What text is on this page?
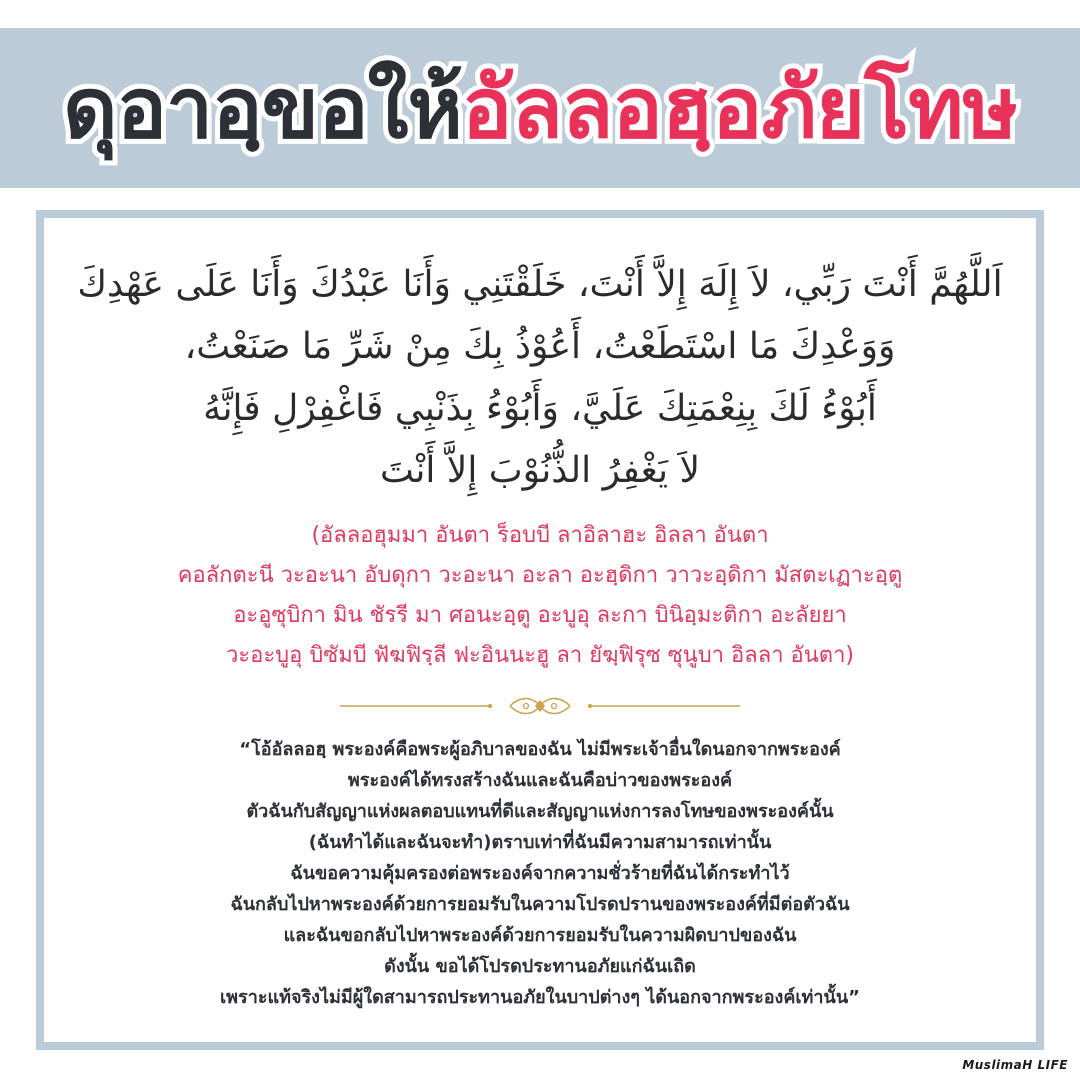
ดุอาอฺขอให้อัลลอฮฺอภัยโทษ
اَللَّهُمَّ أَنْتَ رَبِّي، لاَ إِلَهَ إِلاَّ أَنْتَ، خَلَقْتَنِي وَأَنَا عَبْدُكَ وَأَنَا عَلَى عَهْدِكَ
وَوَعْدِكَ مَا اسْتَطَعْتُ، أَعُوْذُ بِكَ مِنْ شَرِّ مَا صَنَعْتُ،
أَبُوْءُ لَكَ بِنِعْمَتِكَ عَلَيَّ، وَأَبُوْءُ بِذَنْبِي فَاغْفِرْلِ فَإِنَّهُ
لاَ يَغْفِرُ الذُّنُوْبَ إِلاَّ أَنْتَ
(อัลลอฮุมมา อันตา ร็อบบี ลาอิลาฮะ อิลลา อันตา
คอลักตะนี วะอะนา อับดุกา วะอะนา อะลา อะฮฺดิกา วาวะอฺดิกา มัสตะเฏาะอฺตู
อะอูซุบิกา มิน ชัรรี มา ศอนะอฺตู อะบูอุ ละกา บินิอฺมะติกา อะลัยยา
วะอะบูอุ บิซัมบี ฟัฆฟิรฺลี ฟะอินนะฮู ลา ยัฆฺฟิรุซ ซุนูบา อิลลา อันตา)
“โอ้อัลลอฮฺ พระองค์คือพระผู้อภิบาลของฉัน ไม่มีพระเจ้าอื่นใดนอกจากพระองค์
พระองค์ได้ทรงสร้างฉันและฉันคือบ่าวของพระองค์
ตัวฉันกับสัญญาแห่งผลตอบแทนที่ดีและสัญญาแห่งการลงโทษของพระองค์นั้น
(ฉันทำได้และฉันจะทำ)ตราบเท่าที่ฉันมีความสามารถเท่านั้น
ฉันขอความคุ้มครองต่อพระองค์จากความชั่วร้ายที่ฉันได้กระทำไว้
ฉันกลับไปหาพระองค์ด้วยการยอมรับในความโปรดปรานของพระองค์ที่มีต่อตัวฉัน
และฉันขอกลับไปหาพระองค์ด้วยการยอมรับในความผิดบาปของฉัน
ดังนั้น ขอได้โปรดประทานอภัยแก่ฉันเถิด
เพราะแท้จริงไม่มีผู้ใดสามารถประทานอภัยในบาปต่างๆ ได้นอกจากพระองค์เท่านั้น”
MuslimaH LIFE
